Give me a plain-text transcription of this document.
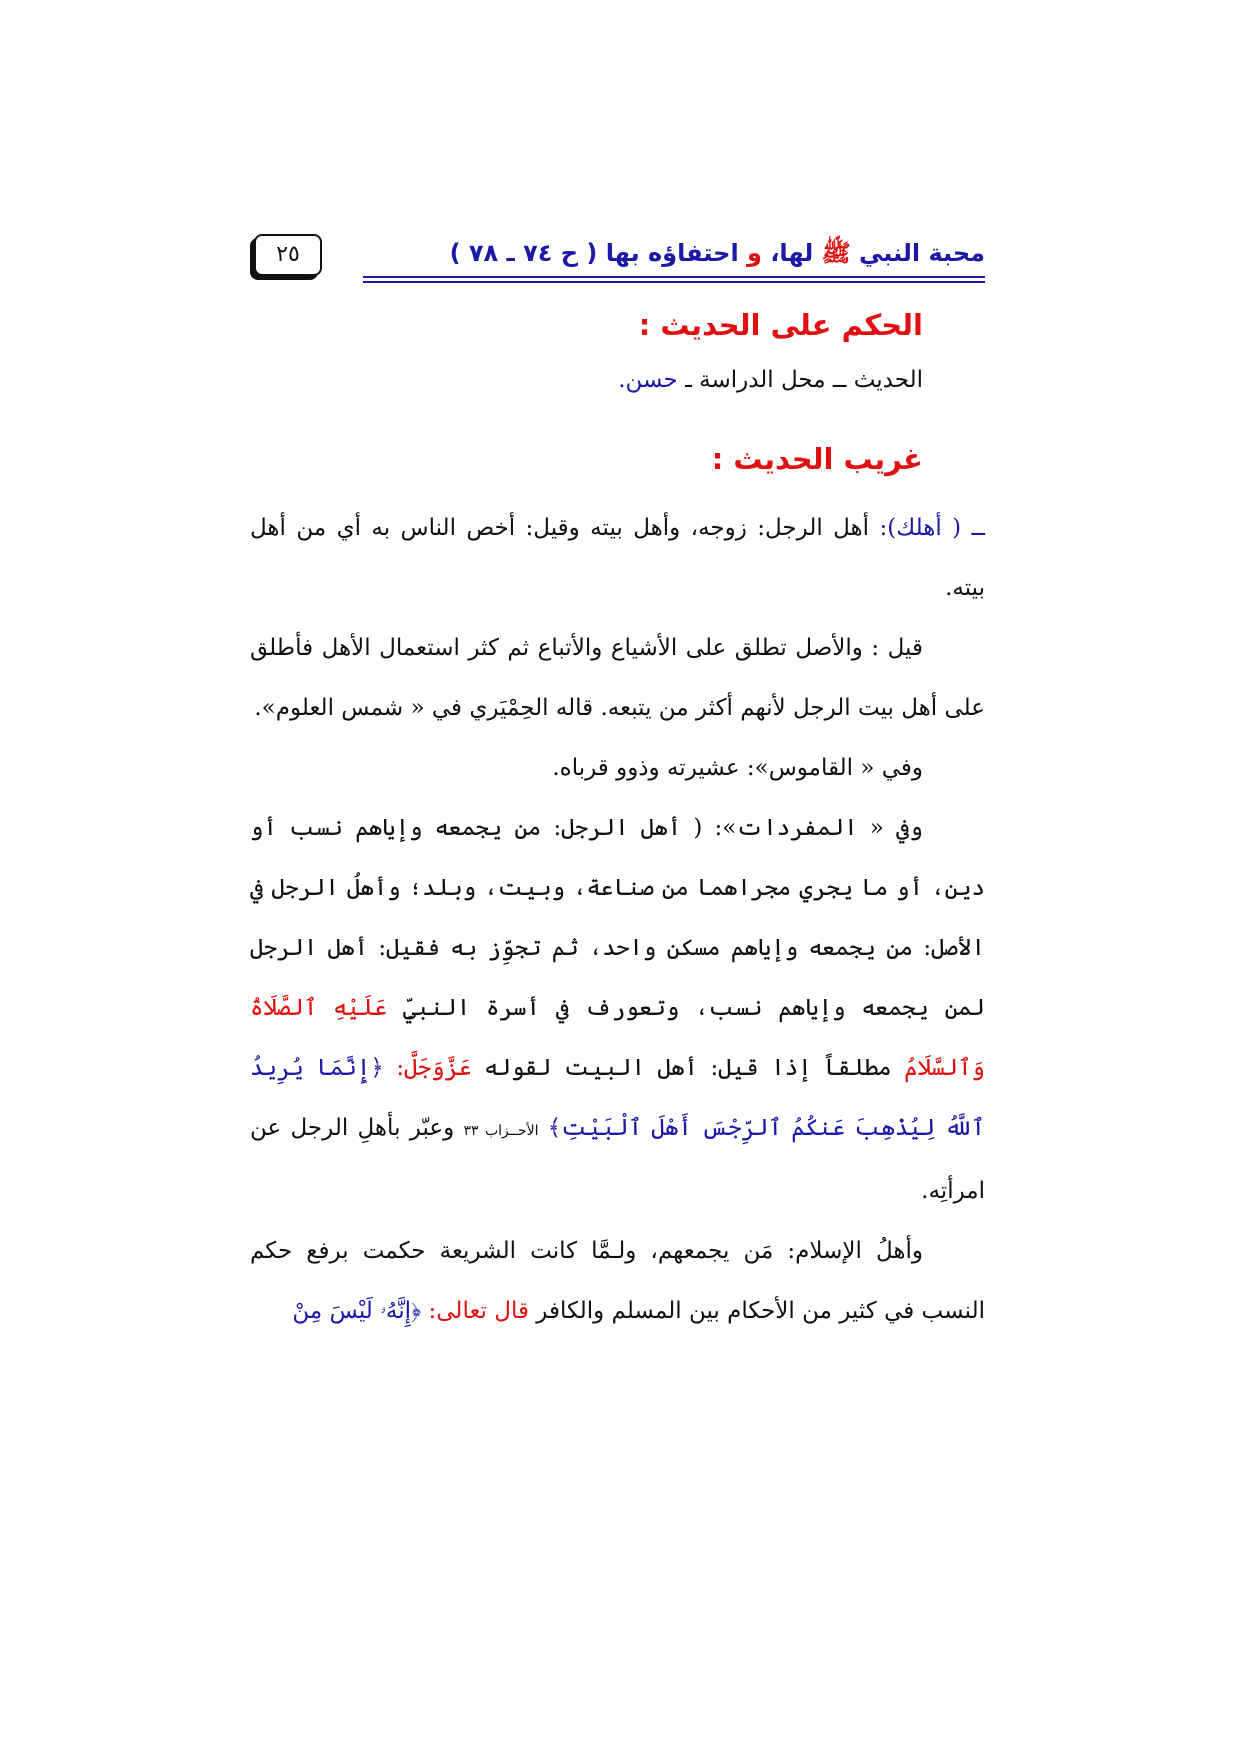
محبة النبي ﷺ لها، و احتفاؤه بها ( ح ٧٤ ـ ٧٨ )
٢٥
الحكم على الحديث :

الحديث ــ محل الدراسة ـ حسن.

غريب الحديث :

ــ ( أهلك): أهل الرجل: زوجه، وأهل بيته وقيل: أخص الناس به أي من أهل بيته.

قيل : والأصل تطلق على الأشياع والأتباع ثم كثر استعمال الأهل فأطلق على أهل بيت الرجل لأنهم أكثر من يتبعه. قاله الحِمْيَري في « شمس العلوم».

وفي « القاموس»: عشيرته وذوو قرباه.

وفي « المفردات»: ( أهل الرجل: من يجمعه وإياهم نسب أو دين، أو ما يجري مجراهما من صناعة، وبيت، وبلد؛ وأهلُ الرجل في الأصل: من يجمعه وإياهم مسكن واحد، ثم تجوِّز به فقيل: أهل الرجل لمن يجمعه وإياهم نسب، وتعورف في أسرة النبيِّ عَلَيْهِ ٱلصَّلَاةُ وَٱلسَّلَامُ مطلقاً إذا قيل: أهل البيت لقوله عَزَّوَجَلَّ: ﴿إِنَّمَا يُرِيدُ ٱللَّهُ لِيُذْهِبَ عَنكُمُ ٱلرِّجْسَ أَهْلَ ٱلْبَيْتِ﴾ الأحــزاب ٣٣ وعبّر بأهلِ الرجل عن امرأتِه.

وأهلُ الإسلام: مَن يجمعهم، ولـمَّا كانت الشريعة حكمت برفع حكم النسب في كثير من الأحكام بين المسلم والكافر قال تعالى: ﴿إِنَّهُۥ لَيْسَ مِنْ
